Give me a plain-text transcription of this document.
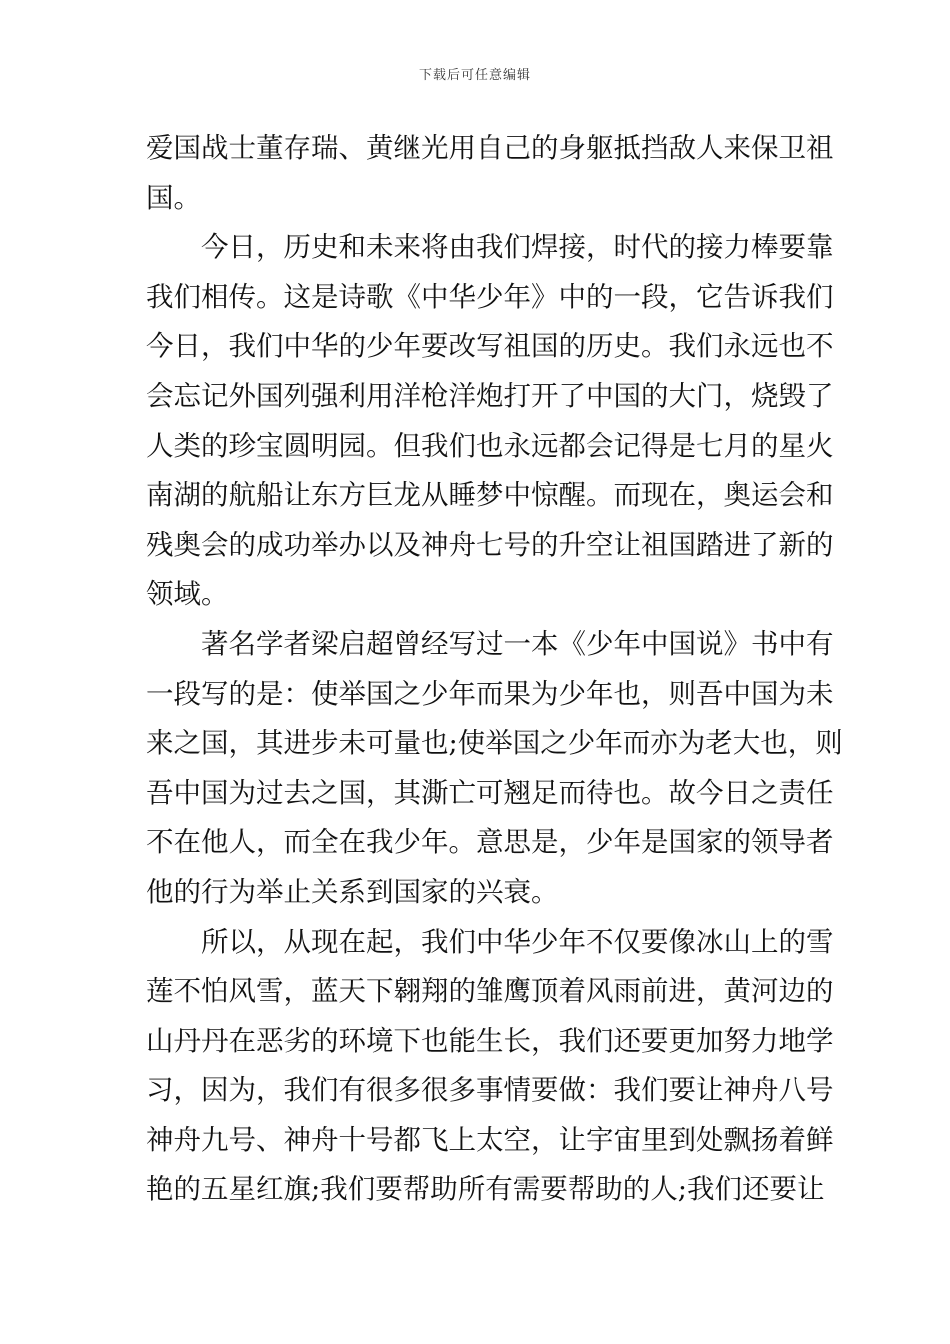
下载后可任意编辑

爱国战士董存瑞、黄继光用自己的身躯抵挡敌人来保卫祖

国。

今日，历史和未来将由我们焊接，时代的接力棒要靠

我们相传。这是诗歌《中华少年》中的一段，它告诉我们

今日，我们中华的少年要改写祖国的历史。我们永远也不

会忘记外国列强利用洋枪洋炮打开了中国的大门，烧毁了

人类的珍宝圆明园。但我们也永远都会记得是七月的星火

南湖的航船让东方巨龙从睡梦中惊醒。而现在，奥运会和

残奥会的成功举办以及神舟七号的升空让祖国踏进了新的

领域。

著名学者梁启超曾经写过一本《少年中国说》书中有

一段写的是：使举国之少年而果为少年也，则吾中国为未

来之国，其进步未可量也;使举国之少年而亦为老大也，则

吾中国为过去之国，其澌亡可翘足而待也。故今日之责任

不在他人，而全在我少年。意思是，少年是国家的领导者

他的行为举止关系到国家的兴衰。

所以，从现在起，我们中华少年不仅要像冰山上的雪

莲不怕风雪，蓝天下翱翔的雏鹰顶着风雨前进，黄河边的

山丹丹在恶劣的环境下也能生长，我们还要更加努力地学

习，因为，我们有很多很多事情要做：我们要让神舟八号

神舟九号、神舟十号都飞上太空，让宇宙里到处飘扬着鲜

艳的五星红旗;我们要帮助所有需要帮助的人;我们还要让
